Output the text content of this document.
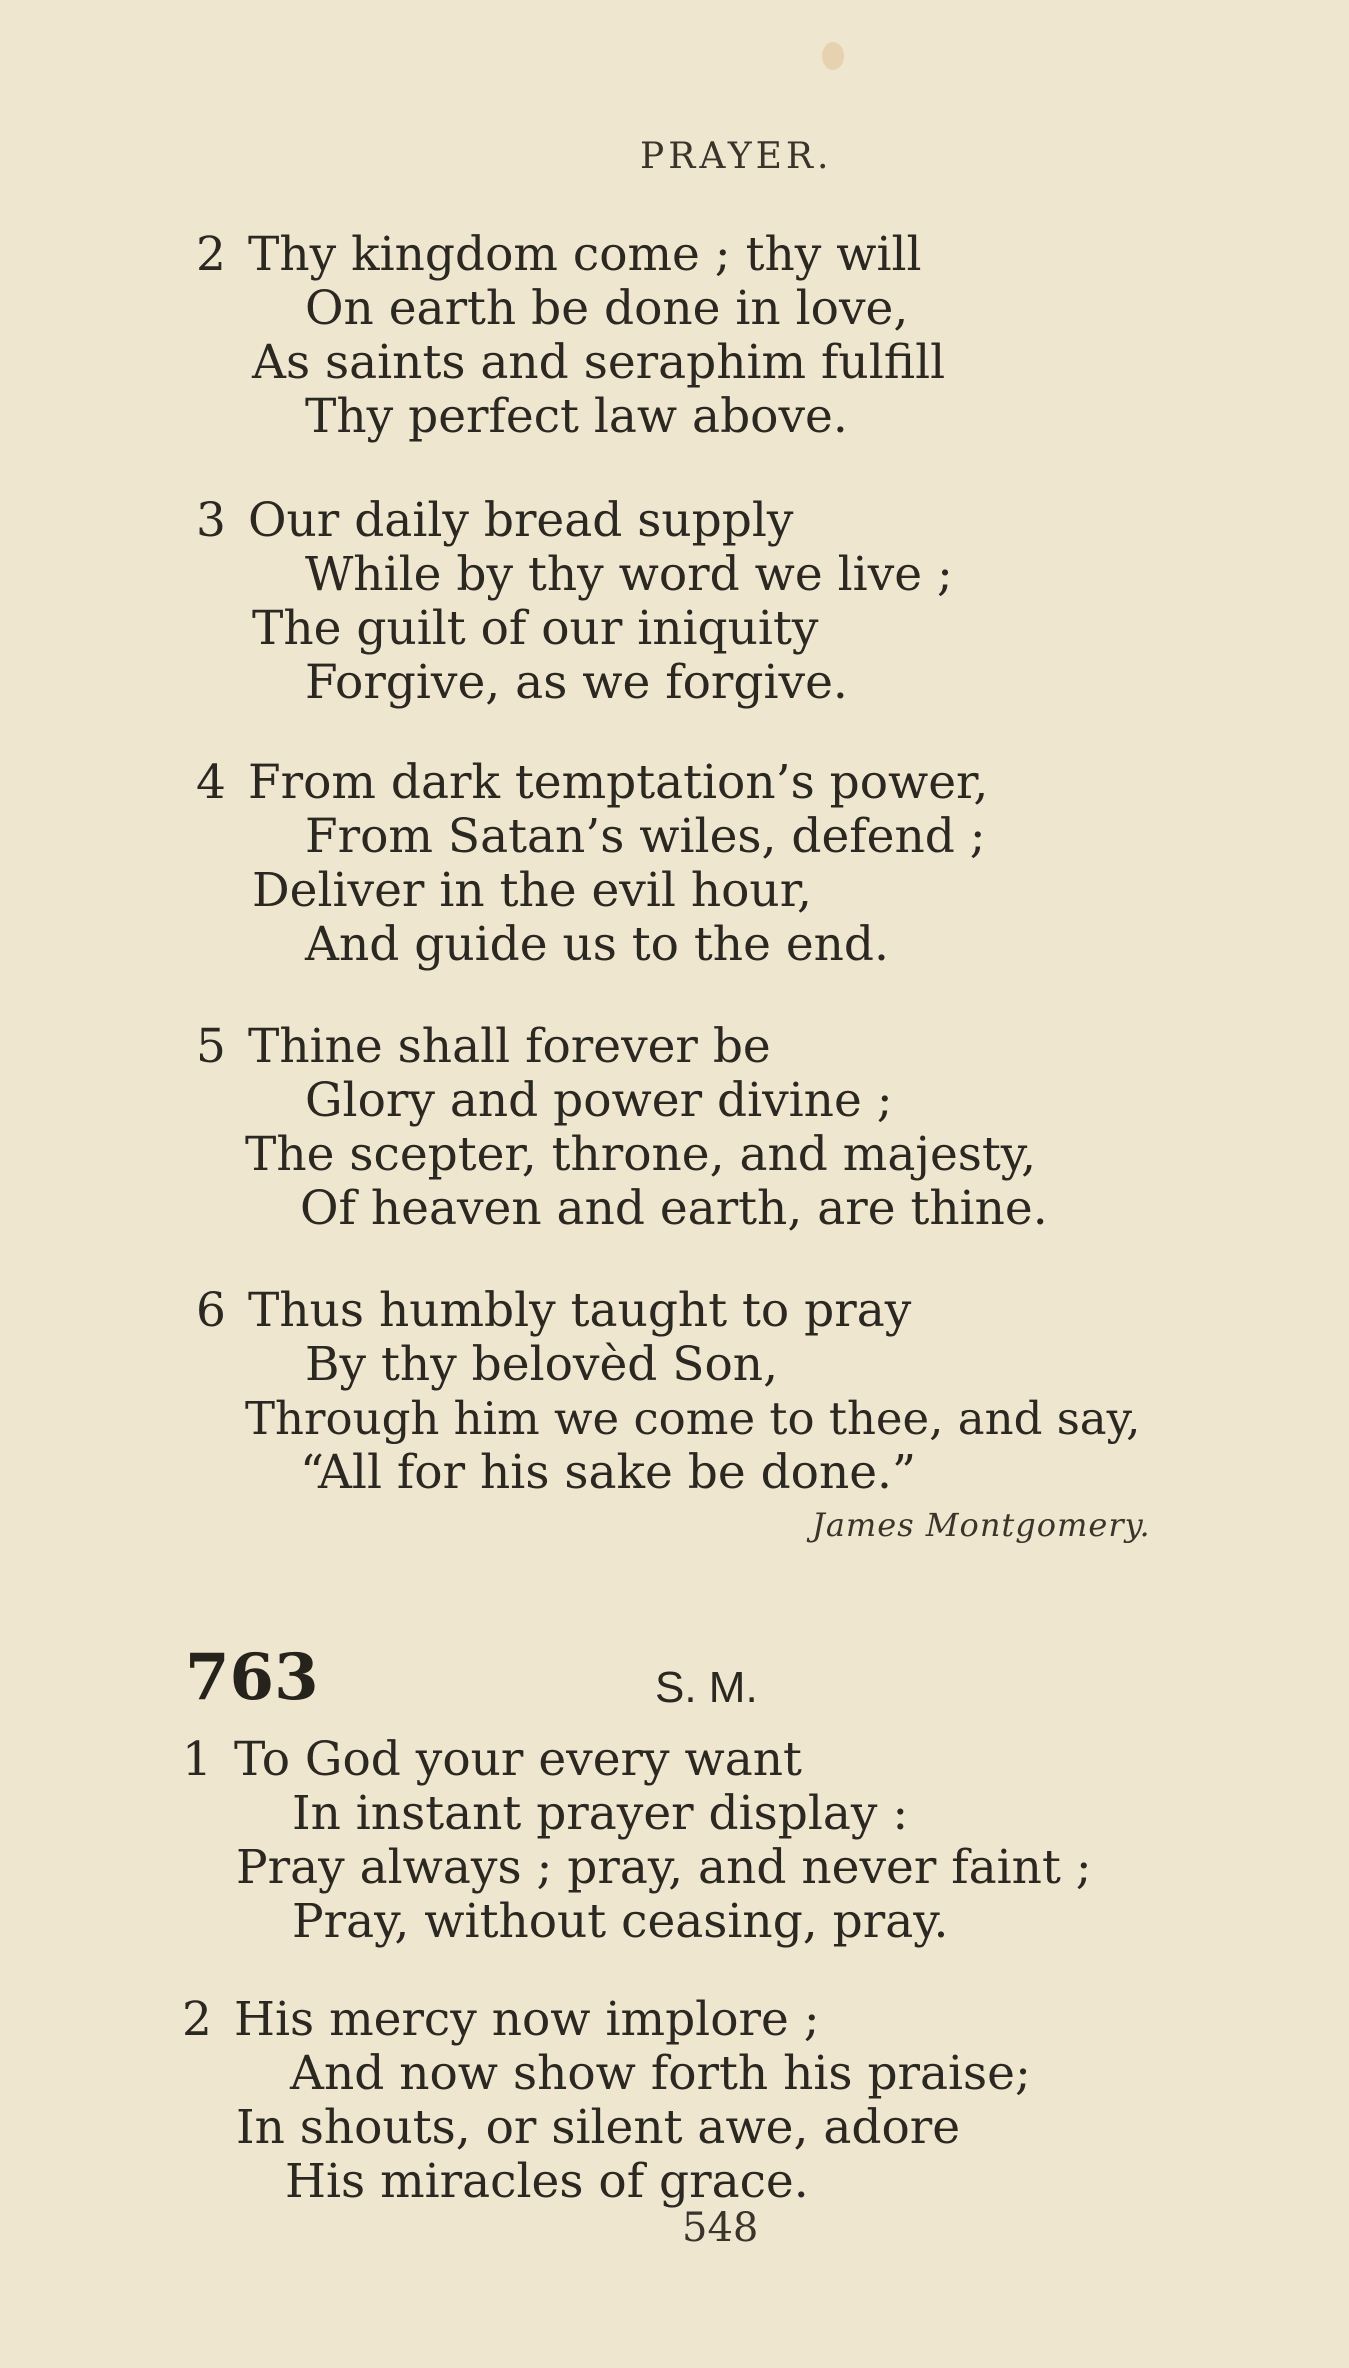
PRAYER.
2 Thy kingdom come ; thy will
On earth be done in love,
As saints and seraphim fulfill
Thy perfect law above.
3 Our daily bread supply
While by thy word we live ;
The guilt of our iniquity
Forgive, as we forgive.
4 From dark temptation’s power,
From Satan’s wiles, defend ;
Deliver in the evil hour,
And guide us to the end.
5 Thine shall forever be
Glory and power divine ;
The scepter, throne, and majesty,
Of heaven and earth, are thine.
6 Thus humbly taught to pray
By thy belovèd Son,
Through him we come to thee, and say,
“All for his sake be done.”
James Montgomery.
763	S. M.
1 To God your every want
In instant prayer display :
Pray always ; pray, and never faint ;
Pray, without ceasing, pray.
2 His mercy now implore ;
And now show forth his praise;
In shouts, or silent awe, adore
His miracles of grace.
548
